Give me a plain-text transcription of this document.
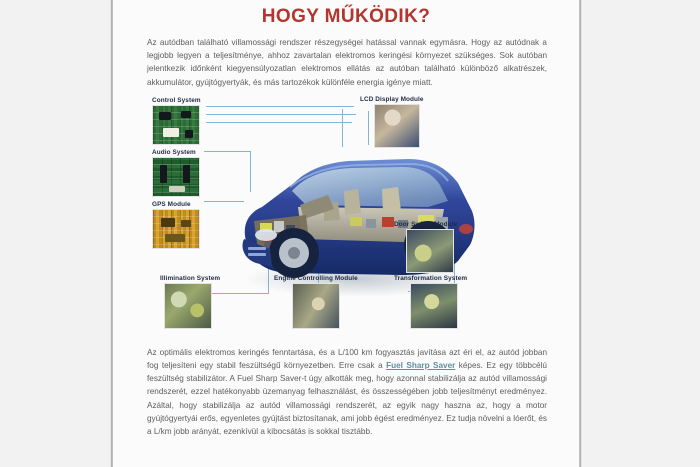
HOGY MŰKÖDIK?

Az autódban található villamossági rendszer részegységei hatással vannak egymásra. Hogy az autódnak a legjobb legyen a teljesítménye, ahhoz zavartalan elektromos keringési környezet szükséges. Sok autóban jelentkezik időnként kiegyensúlyozatlan elektromos ellátás az autóban található különböző alkatrészek, akkumulátor, gyújtógyertyák, és más tartozékok különféle energia igénye miatt.

Control System
Audio System
GPS Module
LCD Display Module
Door Switch Module
Illimination System	Engine Controlling Module	Transformation System

Az optimális elektromos keringés fenntartása, és a L/100 km fogyasztás javítása azt éri el, az autód jobban fog teljesíteni egy stabil feszültségű környezetben. Erre csak a Fuel Sharp Saver képes. Ez egy többcélú feszültség stabilizátor. A Fuel Sharp Saver-t úgy alkották meg, hogy azonnal stabilizálja az autód villamossági rendszerét, ezzel hatékonyabb üzemanyag felhasználást, és összességében jobb teljesítményt eredményez. Azáltal, hogy stabilizálja az autód villamossági rendszerét, az egyik nagy haszna az, hogy a motor gyújtógyertyái erős, egyenletes gyújtást biztosítanak, ami jobb égést eredményez. Ez tudja növelni a lóerőt, és a L/km jobb arányát, ezenkívül a kibocsátás is sokkal tisztább.
